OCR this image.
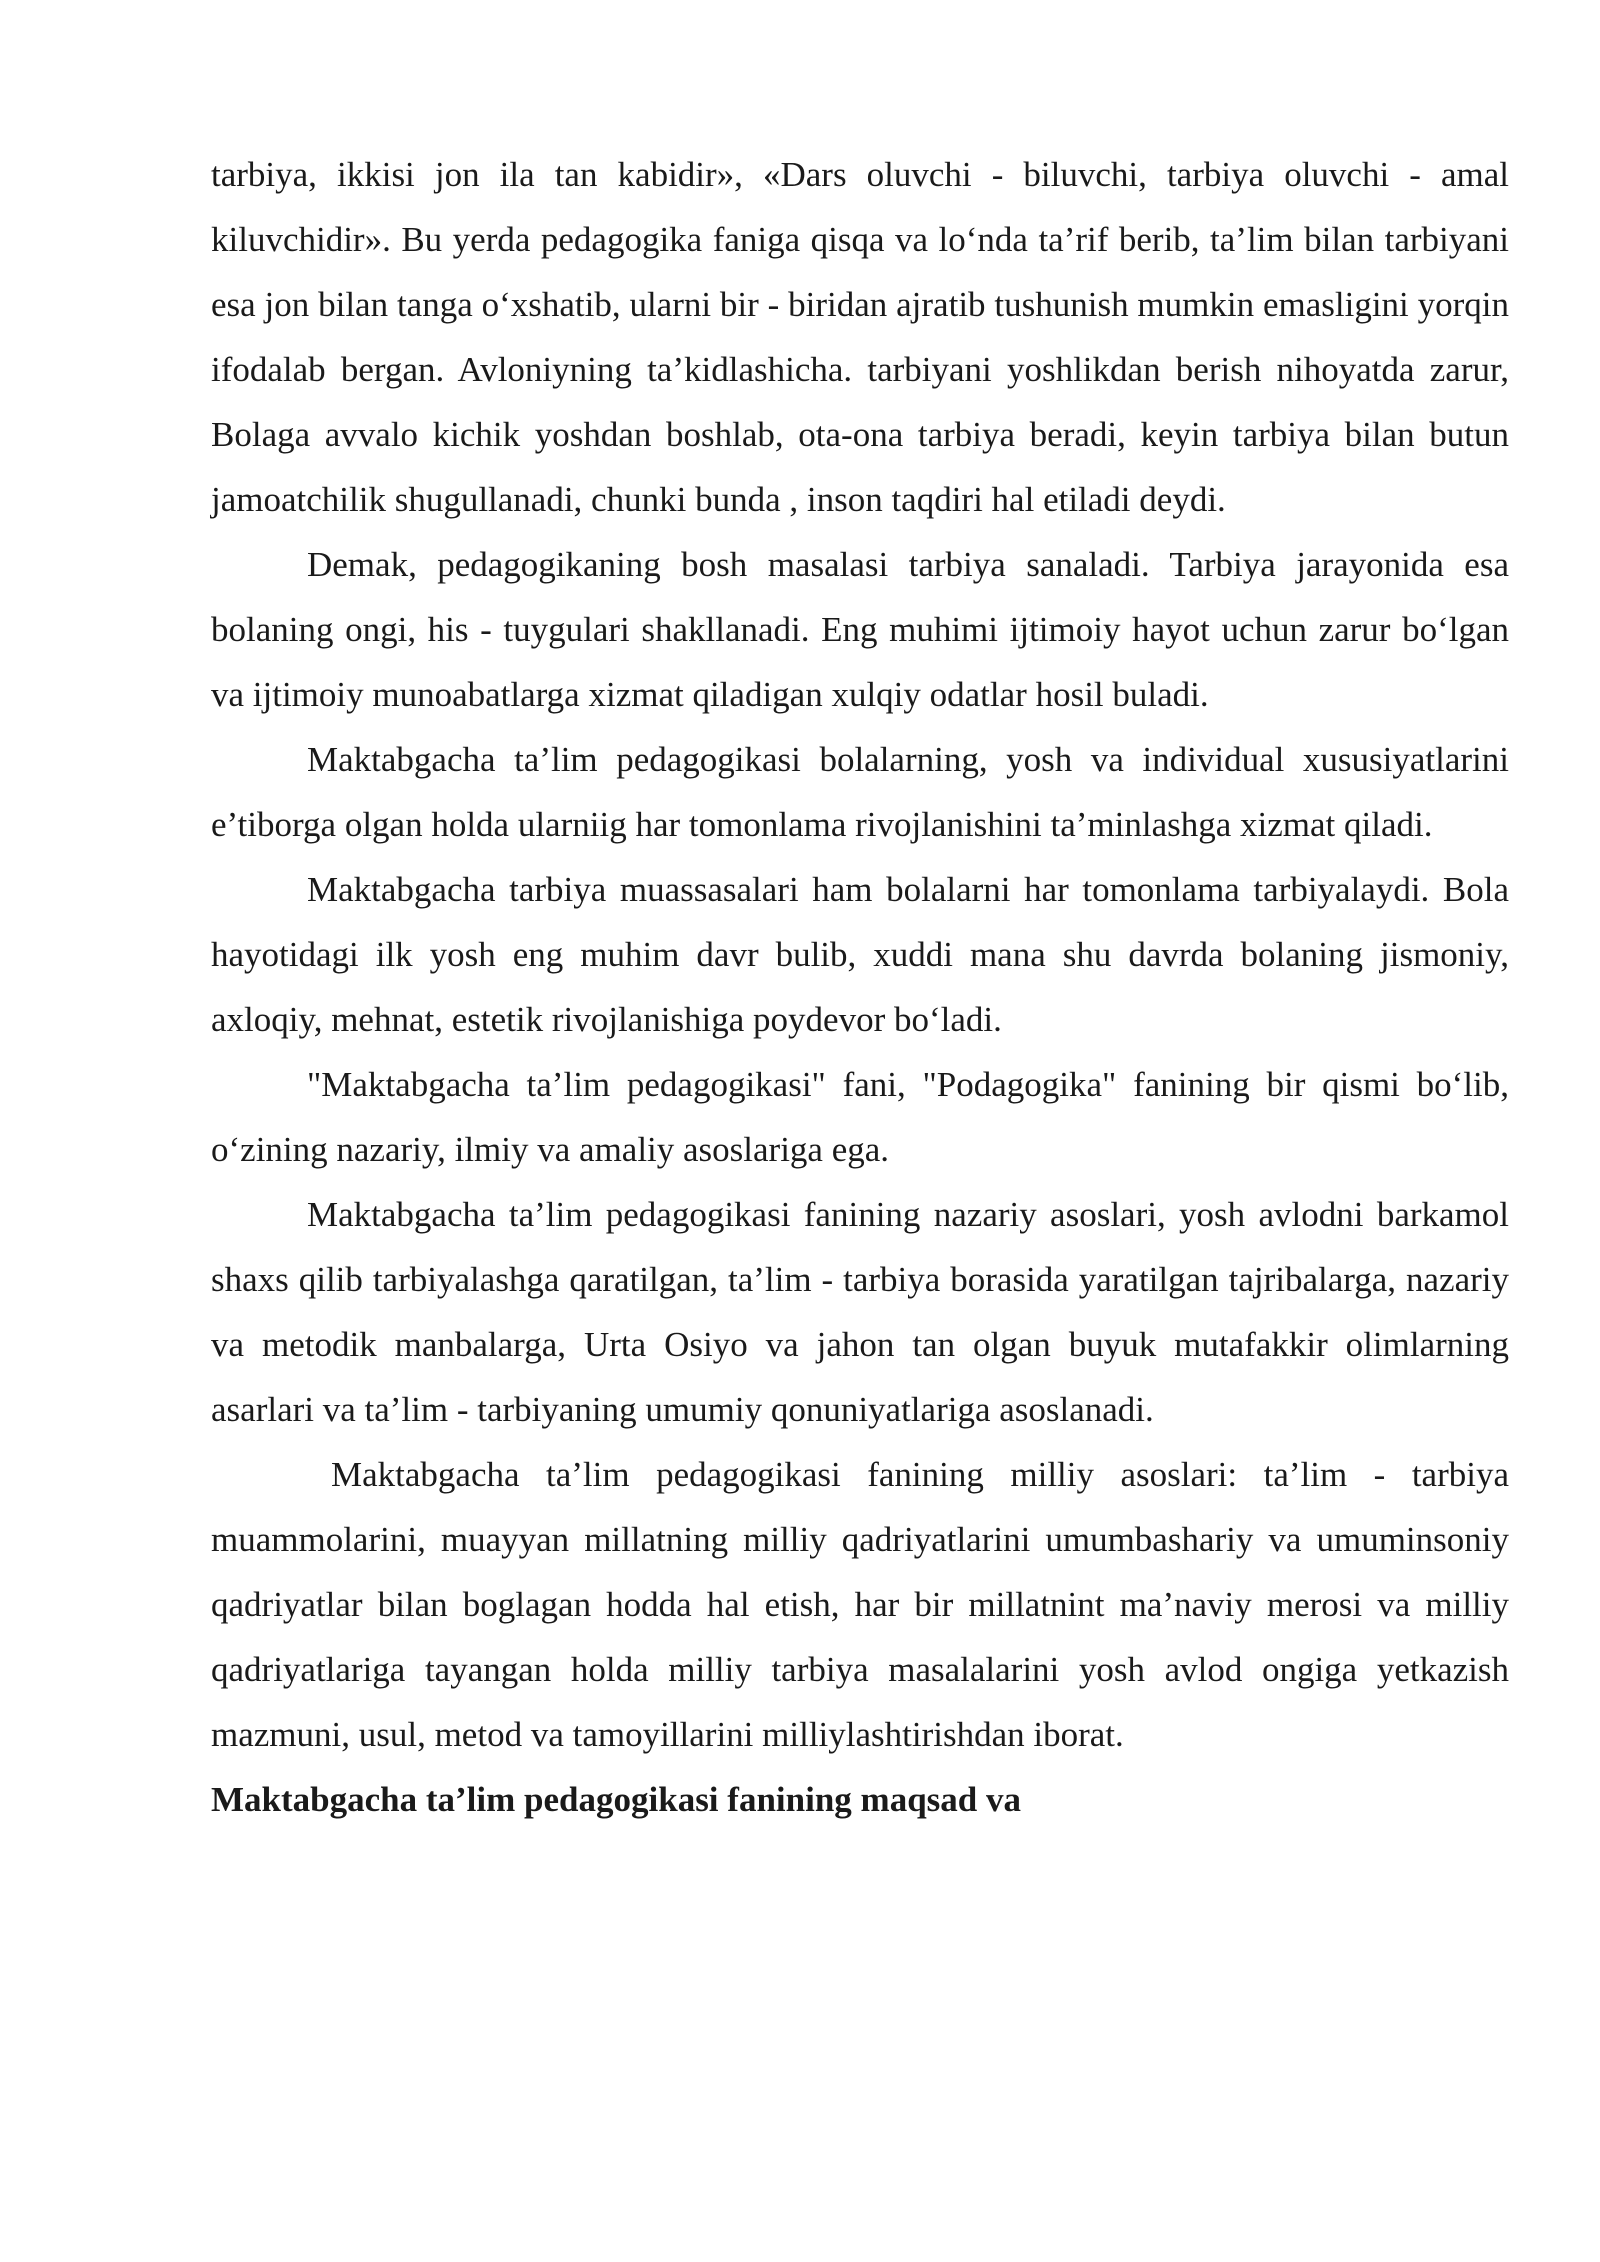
tarbiya, ikkisi jon ila tan kabidir», «Dars oluvchi - biluvchi, tarbiya oluvchi - amal kiluvchidir». Bu yerda pedagogika faniga qisqa va lo‘nda ta’rif berib, ta’lim bilan tarbiyani esa jon bilan tanga o‘xshatib, ularni bir - biridan ajratib tushunish mumkin emasligini yorqin ifodalab bergan. Avloniyning ta’kidlashicha. tarbiyani yoshlikdan berish nihoyatda zarur, Bolaga avvalo kichik yoshdan boshlab, ota-ona tarbiya beradi, keyin tarbiya bilan butun jamoatchilik shugullanadi, chunki bunda , inson taqdiri hal etiladi deydi.

Demak, pedagogikaning bosh masalasi tarbiya sanaladi. Tarbiya jarayonida esa bolaning ongi, his - tuygulari shakllanadi. Eng muhimi ijtimoiy hayot uchun zarur bo‘lgan va ijtimoiy munoabatlarga xizmat qiladigan xulqiy odatlar hosil buladi.

Maktabgacha ta’lim pedagogikasi bolalarning, yosh va individual xususiyatlarini e’tiborga olgan holda ularniig har tomonlama rivojlanishini ta’minlashga xizmat qiladi.

Maktabgacha tarbiya muassasalari ham bolalarni har tomonlama tarbiyalaydi. Bola hayotidagi ilk yosh eng muhim davr bulib, xuddi mana shu davrda bolaning jismoniy, axloqiy, mehnat, estetik rivojlanishiga poydevor bo‘ladi.

"Maktabgacha ta’lim pedagogikasi" fani, "Podagogika" fanining bir qismi bo‘lib, o‘zining nazariy, ilmiy va amaliy asoslariga ega.

Maktabgacha ta’lim pedagogikasi fanining nazariy asoslari, yosh avlodni barkamol shaxs qilib tarbiyalashga qaratilgan, ta’lim - tarbiya borasida yaratilgan tajribalarga, nazariy va metodik manbalarga, Urta Osiyo va jahon tan olgan buyuk mutafakkir olimlarning asarlari va ta’lim - tarbiyaning umumiy qonuniyatlariga asoslanadi.

Maktabgacha ta’lim pedagogikasi fanining milliy asoslari: ta’lim - tarbiya muammolarini, muayyan millatning milliy qadriyatlarini umumbashariy va umuminsoniy qadriyatlar bilan boglagan hodda hal etish, har bir millatnint ma’naviy merosi va milliy qadriyatlariga tayangan holda milliy tarbiya masalalarini yosh avlod ongiga yetkazish mazmuni, usul, metod va tamoyillarini milliylashtirishdan iborat.

Maktabgacha ta’lim pedagogikasi fanining maqsad va
